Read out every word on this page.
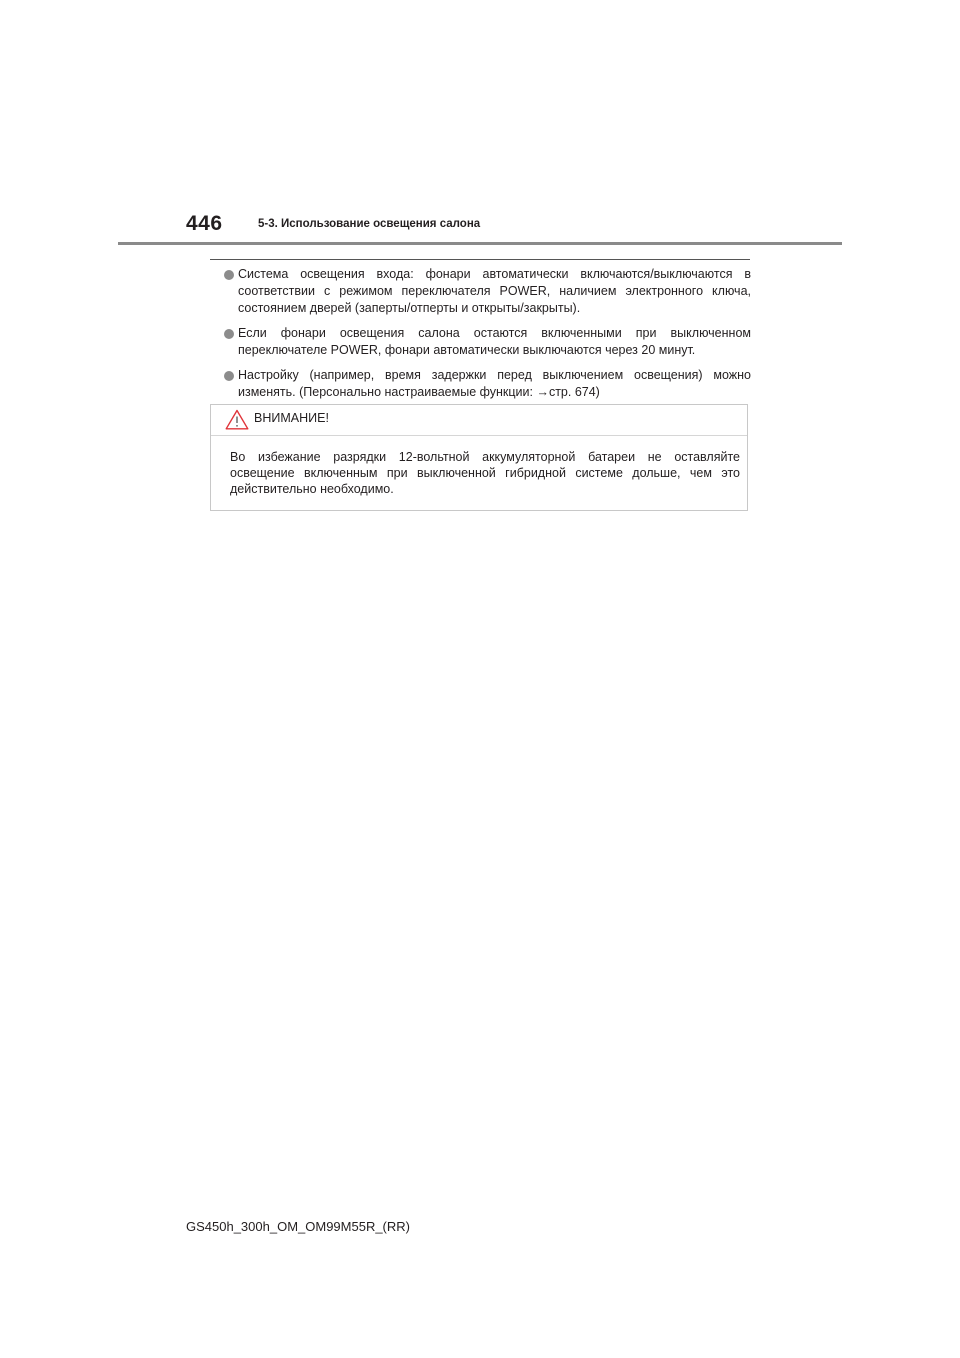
446	5-3. Использование освещения салона
Система освещения входа: фонари автоматически включаются/выключаются в соответствии с режимом переключателя POWER, наличием электронного ключа, состоянием дверей (заперты/отперты и открыты/закрыты).
Если фонари освещения салона остаются включенными при выключенном переключателе POWER, фонари автоматически выключаются через 20 минут.
Настройку (например, время задержки перед выключением освещения) можно изменять. (Персонально настраиваемые функции: →стр. 674)
ВНИМАНИЕ!

Во избежание разрядки 12-вольтной аккумуляторной батареи не оставляйте освещение включенным при выключенной гибридной системе дольше, чем это действительно необходимо.

GS450h_300h_OM_OM99M55R_(RR)
